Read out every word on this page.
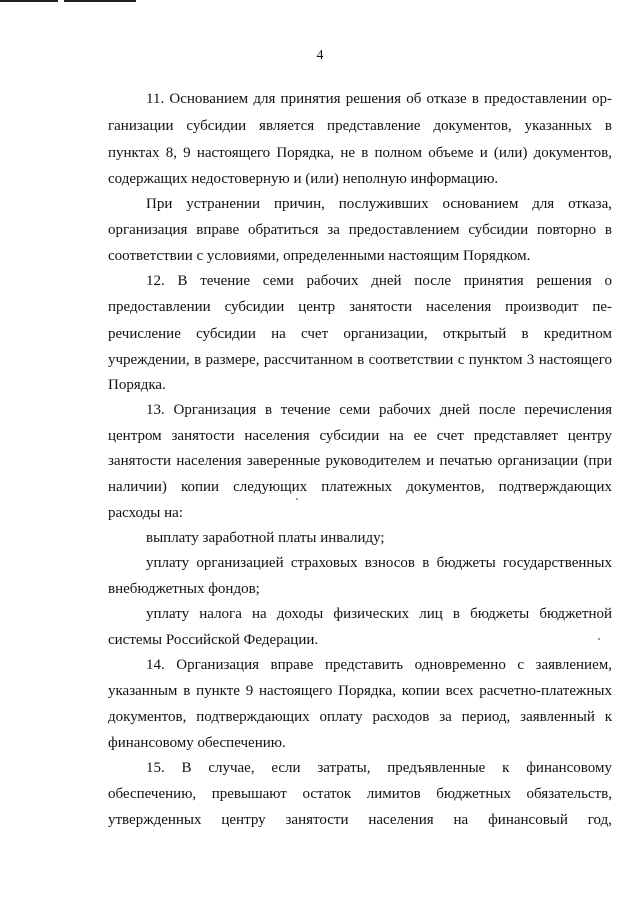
4
11. Основанием для принятия решения об отказе в предоставлении ор-
ганизации субсидии является представление документов, указанных в
пунктах 8, 9 настоящего Порядка, не в полном объеме и (или) документов,
содержащих недостоверную и (или) неполную информацию.
При устранении причин, послуживших основанием для отказа,
организация вправе обратиться за предоставлением субсидии повторно в
соответствии с условиями, определенными настоящим Порядком.
12. В течение семи рабочих дней после принятия решения о
предоставлении субсидии центр занятости населения производит пе-
речисление субсидии на счет организации, открытый в кредитном
учреждении, в размере, рассчитанном в соответствии с пунктом 3 настоящего
Порядка.
13. Организация в течение семи рабочих дней после перечисления
центром занятости населения субсидии на ее счет представляет центру
занятости населения заверенные руководителем и печатью организации (при
наличии) копии следующих платежных документов, подтверждающих
расходы на:
выплату заработной платы инвалиду;
уплату организацией страховых взносов в бюджеты государственных
внебюджетных фондов;
уплату налога на доходы физических лиц в бюджеты бюджетной
системы Российской Федерации.
14. Организация вправе представить одновременно с заявлением,
указанным в пункте 9 настоящего Порядка, копии всех расчетно-платежных
документов, подтверждающих оплату расходов за период, заявленный к
финансовому обеспечению.
15. В случае, если затраты, предъявленные к финансовому
обеспечению, превышают остаток лимитов бюджетных обязательств,
утвержденных центру занятости населения на финансовый год,
